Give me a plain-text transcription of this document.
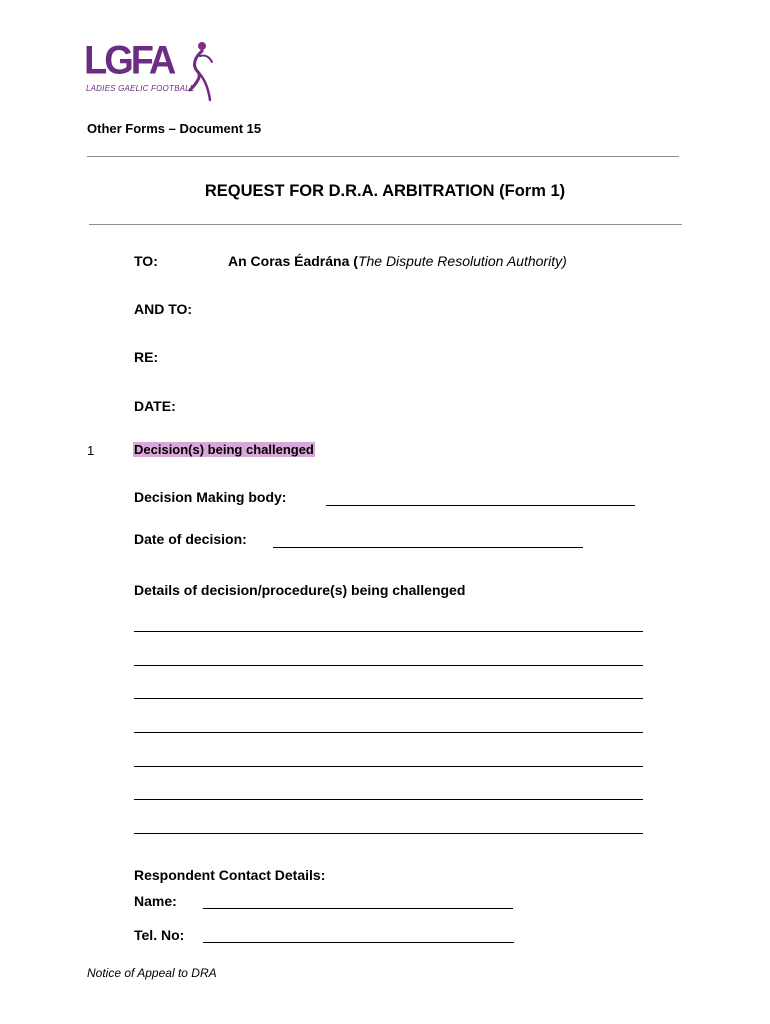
LGFA
LADIES GAELIC FOOTBALL
Other Forms – Document 15
REQUEST FOR D.R.A. ARBITRATION (Form 1)
TO:	An Coras Éadrána (The Dispute Resolution Authority)
AND TO:
RE:
DATE:
1	Decision(s) being challenged
Decision Making body:
Date of decision:
Details of decision/procedure(s) being challenged
Respondent Contact Details:
Name:
Tel. No:
Notice of Appeal to DRA
